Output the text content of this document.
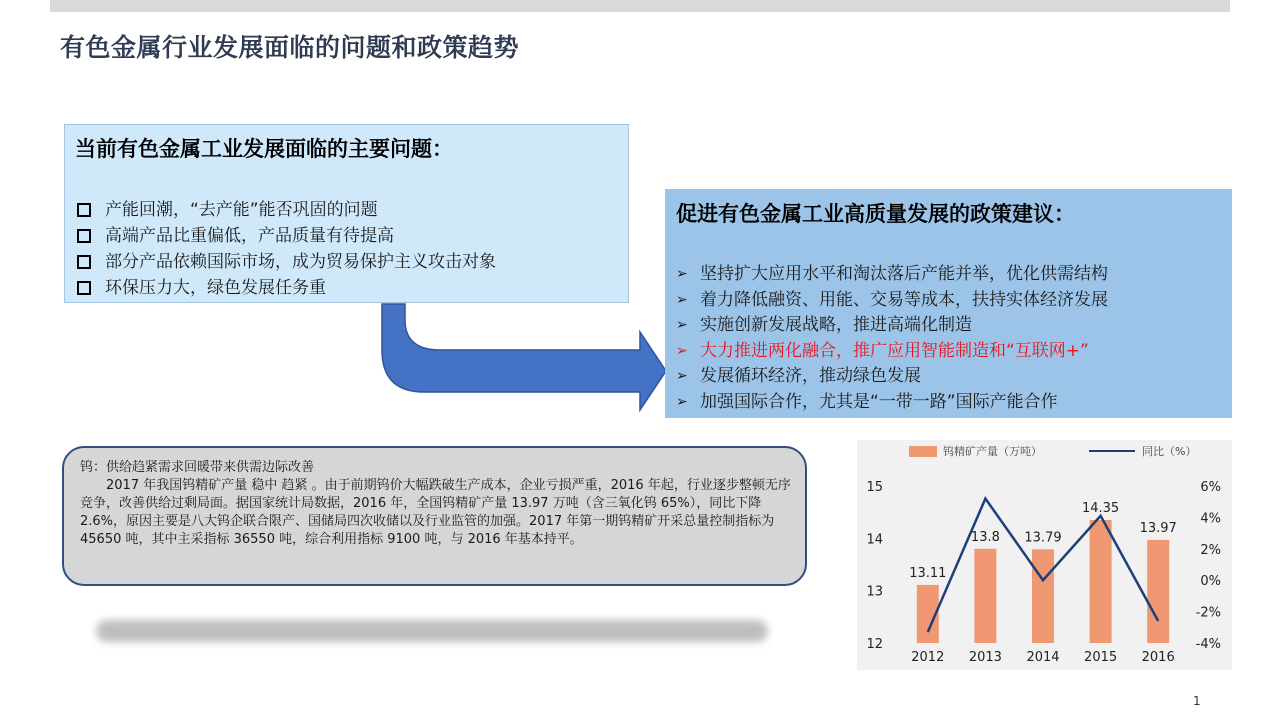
有色金属行业发展面临的问题和政策趋势
当前有色金属工业发展面临的主要问题：
产能回潮，“去产能”能否巩固的问题
高端产品比重偏低，产品质量有待提高
部分产品依赖国际市场，成为贸易保护主义攻击对象
环保压力大，绿色发展任务重
促进有色金属工业高质量发展的政策建议：
➢ 坚持扩大应用水平和淘汰落后产能并举，优化供需结构
➢ 着力降低融资、用能、交易等成本，扶持实体经济发展
➢ 实施创新发展战略，推进高端化制造
➢ 大力推进两化融合，推广应用智能制造和“互联网+”
➢ 发展循环经济，推动绿色发展
➢ 加强国际合作，尤其是“一带一路”国际产能合作

钨：供给趋紧需求回暖带来供需边际改善

2017 年我国钨精矿产量 稳中 趋紧 。由于前期钨价大幅跌破生产成本，企业亏损严重，2016 年起，行业逐步整顿无序竞争，改善供给过剩局面。据国家统计局数据，2016 年，全国钨精矿产量 13.97 万吨（含三氧化钨 65%），同比下降 2.6%，原因主要是八大钨企联合限产、国储局四次收储以及行业监管的加强。2017 年第一期钨精矿开采总量控制指标为45650 吨，其中主采指标 36550 吨，综合利用指标 9100 吨，与 2016 年基本持平。

钨精矿产量（万吨）	同比（%）
15
14
13
12
6%
4%
2%
0%
-2%
-4%
13.11
2012
13.8
2013
13.79
2014
14.35
2015
13.97
2016
1
